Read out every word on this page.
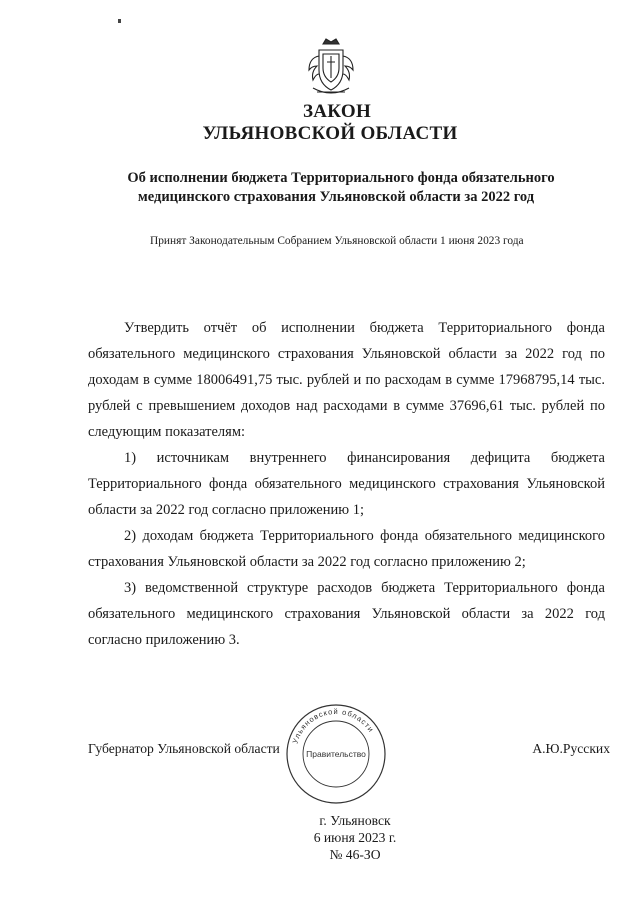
ЗАКОН
УЛЬЯНОВСКОЙ ОБЛАСТИ
Об исполнении бюджета Территориального фонда обязательного
медицинского страхования Ульяновской области за 2022 год
Принят Законодательным Собранием Ульяновской области 1 июня 2023 года

Утвердить отчёт об исполнении бюджета Территориального фонда обязательного медицинского страхования Ульяновской области за 2022 год по доходам в сумме 18006491,75 тыс. рублей и по расходам в сумме 17968795,14 тыс. рублей с превышением доходов над расходами в сумме 37696,61 тыс. рублей по следующим показателям:

1) источникам внутреннего финансирования дефицита бюджета Территориального фонда обязательного медицинского страхования Ульяновской области за 2022 год согласно приложению 1;

2) доходам бюджета Территориального фонда обязательного медицинского страхования Ульяновской области за 2022 год согласно приложению 2;

3) ведомственной структуре расходов бюджета Территориального фонда обязательного медицинского страхования Ульяновской области за 2022 год согласно приложению 3.

Губернатор Ульяновской области	А.Ю.Русских
Ульяновской области
Правительство
г. Ульяновск
6 июня 2023 г.
№ 46-ЗО
